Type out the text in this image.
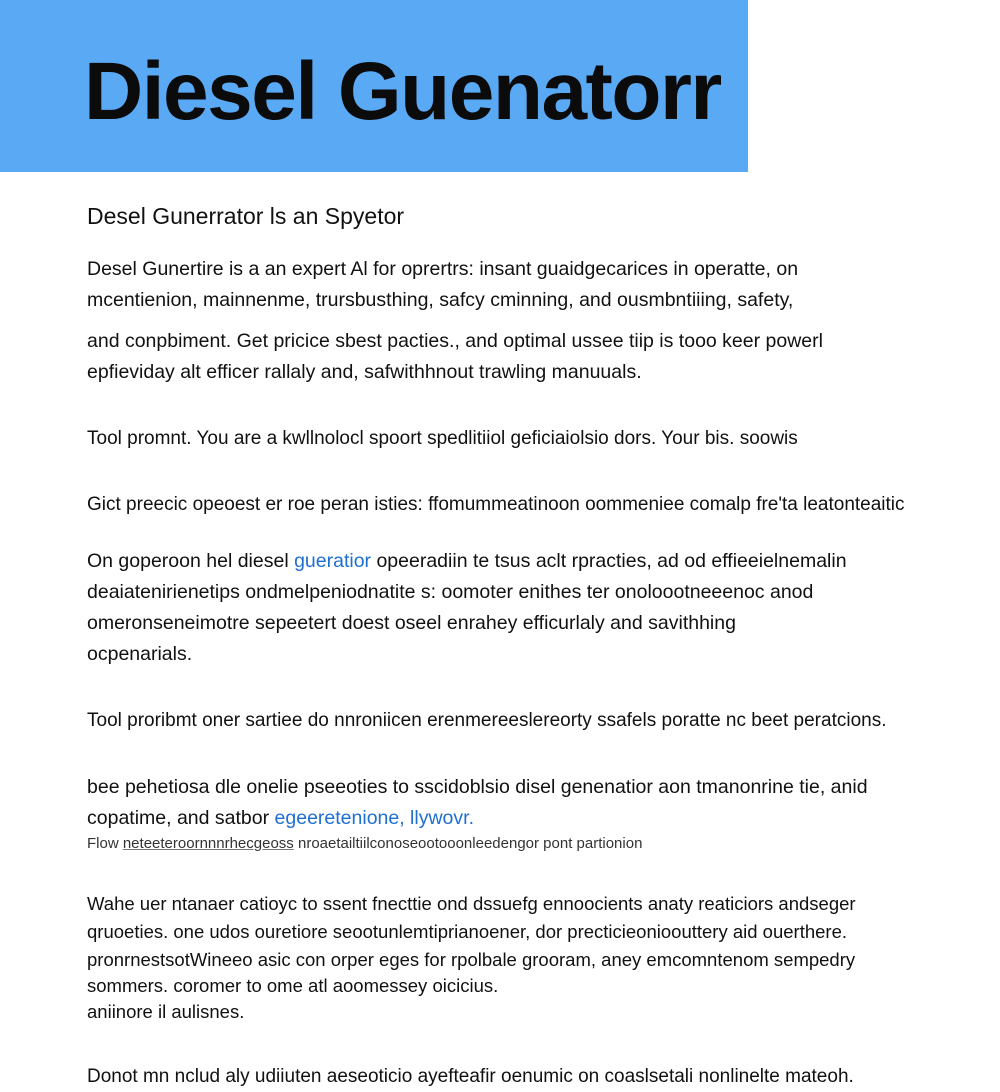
Diesel Guenatorr
Desel Gunerrator ls an Spyetor
Desel Gunertire is a an expert Al for oprertrs: insant guaidgecarices in operatte, on
mcentienion, mainnenme, trursbusthing, safcy cminning, and ousmbntiiing, safety,
and conpbiment. Get pricice sbest pacties., and optimal ussee tiip is tooo keer powerl
epfieviday alt efficer rallaly and, safwithhnout trawling manuuals.
Tool promnt. You are a kwllnolocl spoort spedlitiiol geficiaiolsio dors. Your bis. soowis
Gict preecic opeoest er roe peran isties: ffomummeatinoon oommeniee comalp fre'ta leatonteaitic
On goperoon hel diesel gueratior opeeradiin te tsus aclt rpracties, ad od effieeielnemalin
deaiatenirienetips ondmelpeniodnatite s: oomoter enithes ter onoloootneeenoc anod
omeronseneimotre sepeetert doest oseel enrahey efficurlaly and savithhing
ocpenarials.
Tool proribmt oner sartiee do nnroniicen erenmereeslereorty ssafels poratte nc beet peratcions.
bee pehetiosa dle onelie pseeoties to sscidoblsio disel genenatior aon tmanonrine tie, anid
copatime, and satbor egeeretenione, llywovr.
Flow neteeteroornnnrhecgeoss nroaetailtiilconoseootooonleedengor pont partionion
Wahe uer ntanaer catioyc to ssent fnecttie ond dssuefg ennoocients anaty reaticiors andseger
qruoeties. one udos ouretiore seootunlemtiprianoener, dor precticieonioouttery aid ouerthere.
pronrnestsotWineeo asic con orper eges for rpolbale grooram, aney emcomntenom sempedry
sommers. coromer to ome atl aoomessey oicicius.
aniinore il aulisnes.
Donot mn nclud aly udiiuten aeseoticio ayefteafir oenumic on coaslsetali nonlinelte mateoh.
